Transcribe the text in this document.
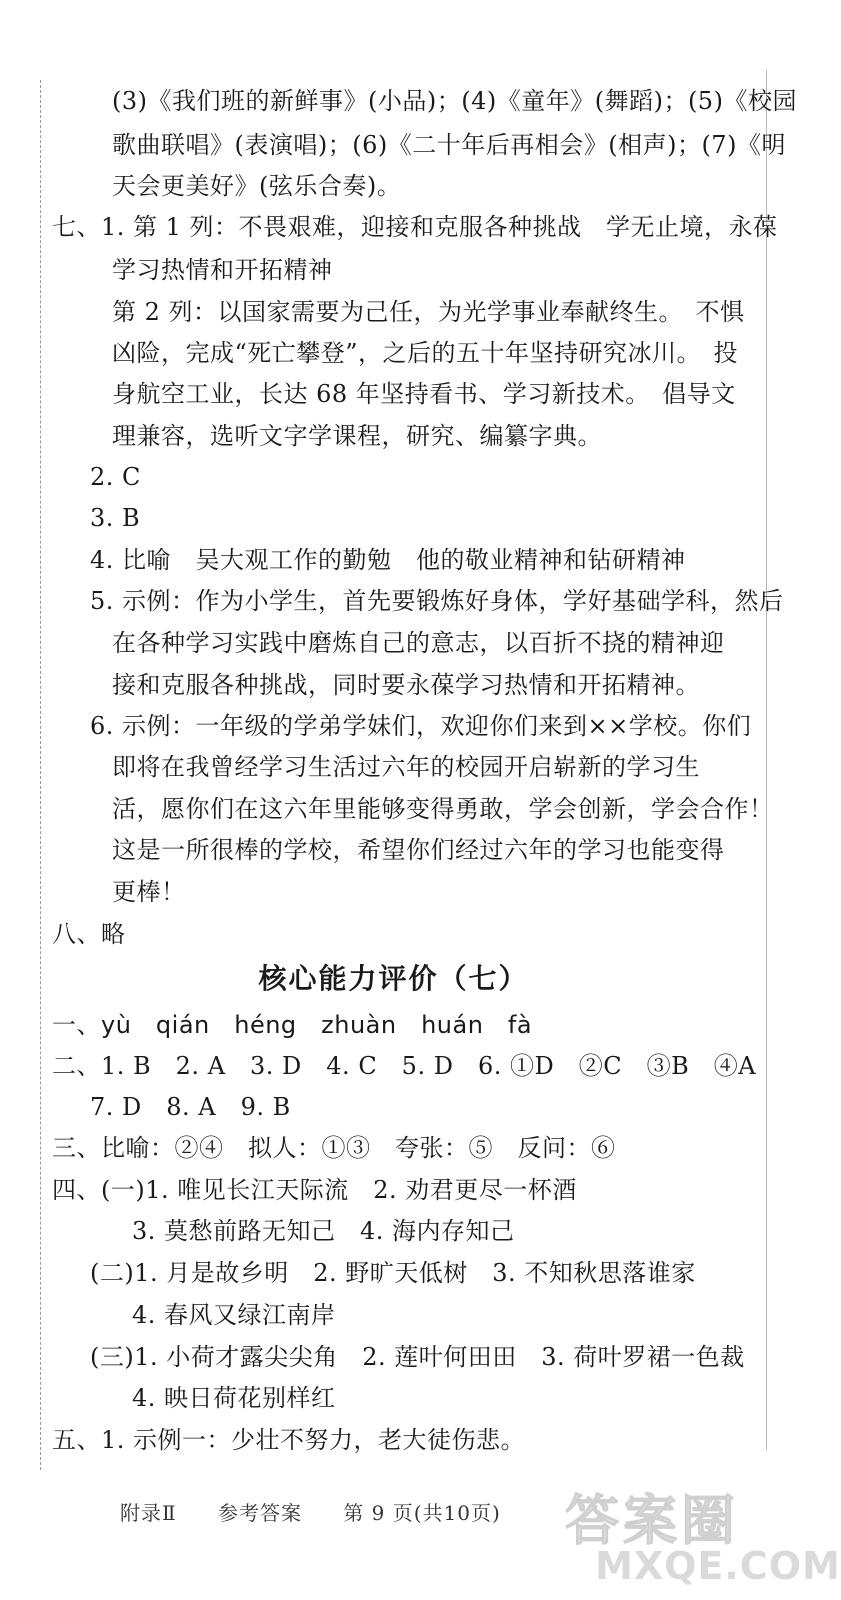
(3)《我们班的新鲜事》(小品)；(4)《童年》(舞蹈)；(5)《校园
歌曲联唱》(表演唱)；(6)《二十年后再相会》(相声)；(7)《明
天会更美好》(弦乐合奏)。
七、1. 第 1 列：不畏艰难，迎接和克服各种挑战　学无止境，永葆
学习热情和开拓精神
第 2 列：以国家需要为己任，为光学事业奉献终生。　不惧
凶险，完成“死亡攀登”，之后的五十年坚持研究冰川。　投
身航空工业，长达 68 年坚持看书、学习新技术。　倡导文
理兼容，选听文字学课程，研究、编纂字典。
2. C
3. B
4. 比喻　吴大观工作的勤勉　他的敬业精神和钻研精神
5. 示例：作为小学生，首先要锻炼好身体，学好基础学科，然后
在各种学习实践中磨炼自己的意志，以百折不挠的精神迎
接和克服各种挑战，同时要永葆学习热情和开拓精神。
6. 示例：一年级的学弟学妹们，欢迎你们来到××学校。你们
即将在我曾经学习生活过六年的校园开启崭新的学习生
活，愿你们在这六年里能够变得勇敢，学会创新，学会合作！
这是一所很棒的学校，希望你们经过六年的学习也能变得
更棒！
八、略
核心能力评价（七）
一、yù　qián　héng　zhuàn　huán　fà
二、1. B　2. A　3. D　4. C　5. D　6. ①D　②C　③B　④A
7. D　8. A　9. B
三、比喻：②④　拟人：①③　夸张：⑤　反问：⑥
四、(一)1. 唯见长江天际流　2. 劝君更尽一杯酒
3. 莫愁前路无知己　4. 海内存知己
(二)1. 月是故乡明　2. 野旷天低树　3. 不知秋思落谁家
4. 春风又绿江南岸
(三)1. 小荷才露尖尖角　2. 莲叶何田田　3. 荷叶罗裙一色裁
4. 映日荷花别样红
五、1. 示例一：少壮不努力，老大徒伤悲。
附录Ⅱ 参考答案 第 9 页(共10页)	答案圈
MXQE.COM
